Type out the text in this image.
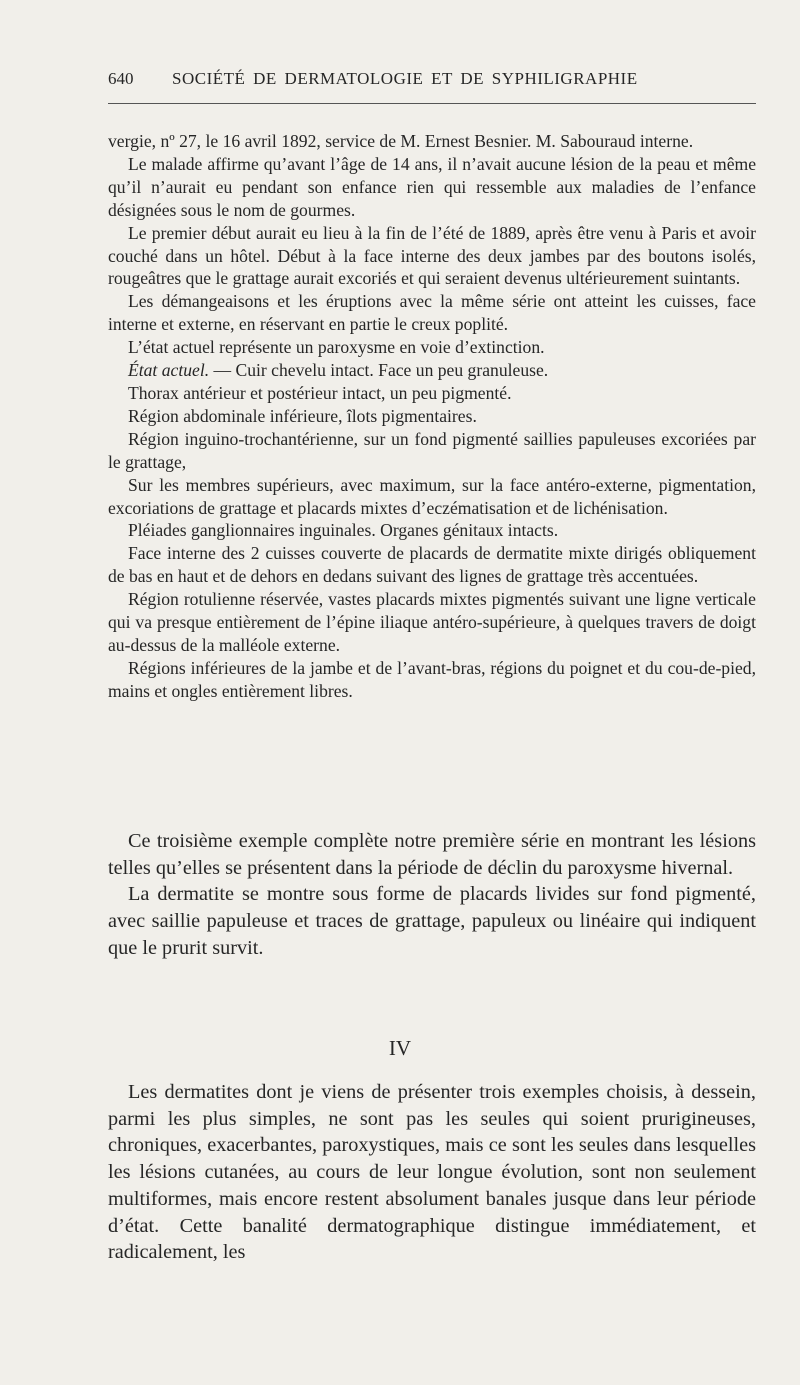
640	SOCIÉTÉ DE DERMATOLOGIE ET DE SYPHILIGRAPHIE

vergie, nº 27, le 16 avril 1892, service de M. Ernest Besnier. M. Sabouraud interne.

Le malade affirme qu’avant l’âge de 14 ans, il n’avait aucune lésion de la peau et même qu’il n’aurait eu pendant son enfance rien qui ressemble aux maladies de l’enfance désignées sous le nom de gourmes.

Le premier début aurait eu lieu à la fin de l’été de 1889, après être venu à Paris et avoir couché dans un hôtel. Début à la face interne des deux jambes par des boutons isolés, rougeâtres que le grattage aurait excoriés et qui seraient devenus ultérieurement suintants.

Les démangeaisons et les éruptions avec la même série ont atteint les cuisses, face interne et externe, en réservant en partie le creux poplité.

L’état actuel représente un paroxysme en voie d’extinction.

État actuel. — Cuir chevelu intact. Face un peu granuleuse.

Thorax antérieur et postérieur intact, un peu pigmenté.

Région abdominale inférieure, îlots pigmentaires.

Région inguino-trochantérienne, sur un fond pigmenté saillies papuleuses excoriées par le grattage,

Sur les membres supérieurs, avec maximum, sur la face antéro-externe, pigmentation, excoriations de grattage et placards mixtes d’eczématisation et de lichénisation.

Pléiades ganglionnaires inguinales. Organes génitaux intacts.

Face interne des 2 cuisses couverte de placards de dermatite mixte dirigés obliquement de bas en haut et de dehors en dedans suivant des lignes de grattage très accentuées.

Région rotulienne réservée, vastes placards mixtes pigmentés suivant une ligne verticale qui va presque entièrement de l’épine iliaque antéro-supérieure, à quelques travers de doigt au-dessus de la malléole externe.

Régions inférieures de la jambe et de l’avant-bras, régions du poignet et du cou-de-pied, mains et ongles entièrement libres.

Ce troisième exemple complète notre première série en montrant les lésions telles qu’elles se présentent dans la période de déclin du paroxysme hivernal.

La dermatite se montre sous forme de placards livides sur fond pigmenté, avec saillie papuleuse et traces de grattage, papuleux ou linéaire qui indiquent que le prurit survit.

IV

Les dermatites dont je viens de présenter trois exemples choisis, à dessein, parmi les plus simples, ne sont pas les seules qui soient prurigineuses, chroniques, exacerbantes, paroxystiques, mais ce sont les seules dans lesquelles les lésions cutanées, au cours de leur longue évolution, sont non seulement multiformes, mais encore restent absolument banales jusque dans leur période d’état. Cette banalité dermatographique distingue immédiatement, et radicalement, les
